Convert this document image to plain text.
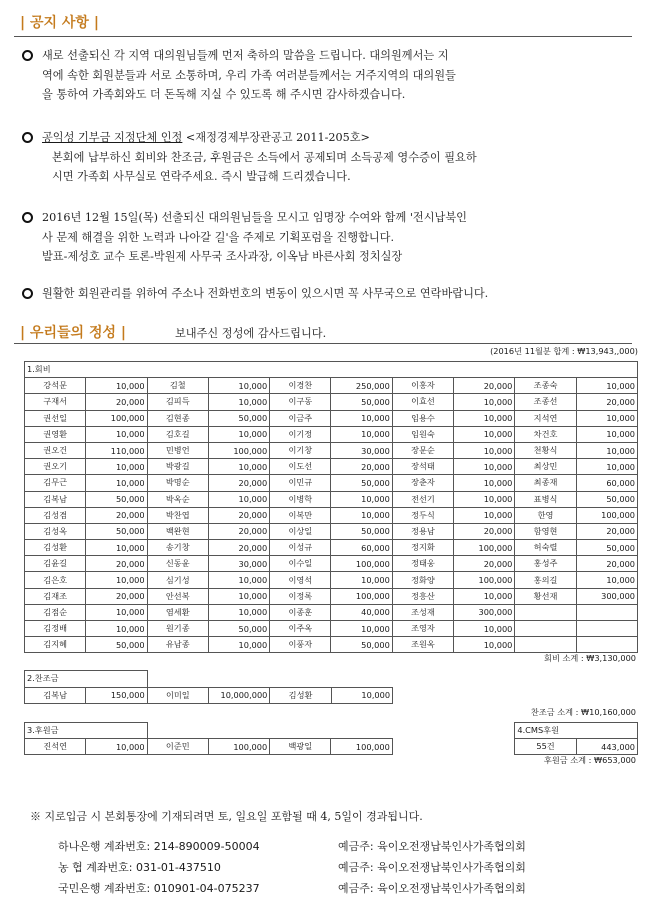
| 공지 사항 |
새로 선출되신 각 지역 대의원님들께 먼저 축하의 말씀을 드립니다. 대의원께서는 지
역에 속한 회원분들과 서로 소통하며, 우리 가족 여러분들께서는 거주지역의 대의원들
을 통하여 가족회와도 더 돈독해 지실 수 있도록 해 주시면 감사하겠습니다.
공익성 기부금 지정단체 인정 <재정경제부장관공고 2011-205호>
본회에 납부하신 회비와 찬조금, 후원금은 소득에서 공제되며 소득공제 영수증이 필요하
시면 가족회 사무실로 연락주세요. 즉시 발급해 드리겠습니다.
2016년 12월 15일(목) 선출되신 대의원님들을 모시고 임명장 수여와 함께 '전시납북인
사 문제 해결을 위한 노력과 나아갈 길'을 주제로 기획포럼을 진행합니다.
발표-제성호 교수 토론-박원제 사무국 조사과장, 이옥남 바른사회 정치실장
원활한 회원관리를 위하여 주소나 전화번호의 변동이 있으시면 꼭 사무국으로 연락바랍니다.
| 우리들의 정성 |	보내주신 정성에 감사드립니다.
(2016년 11월분 합계 : ₩13,943,,000)
1.회비									
강석문	10,000	김철	10,000	이경찬	250,000	이홍자	20,000	조종숙	10,000
구재서	20,000	김피득	10,000	이구동	50,000	이효선	10,000	조종선	20,000
권선일	100,000	김현종	50,000	이금주	10,000	임용수	10,000	지석연	10,000
권영환	10,000	김호길	10,000	이기정	10,000	임원숙	10,000	차건호	10,000
권오건	110,000	민병언	100,000	이기창	30,000	장문순	10,000	천황식	10,000
권오기	10,000	박광길	10,000	이도선	20,000	장석태	10,000	최상민	10,000
김무근	10,000	박명순	20,000	이민규	50,000	장춘자	10,000	최종재	60,000
김복남	50,000	박옥순	10,000	이병학	10,000	전선기	10,000	표병식	50,000
김성겸	20,000	박찬엽	20,000	이복만	10,000	정두식	10,000	한영	100,000
김성옥	50,000	백완현	20,000	이상일	50,000	정용남	20,000	함영현	20,000
김성환	10,000	송기창	20,000	이성규	60,000	정지화	100,000	허숙렬	50,000
김윤길	20,000	신동윤	30,000	이수일	100,000	정태웅	20,000	홍성주	20,000
김은호	10,000	심기성	10,000	이영석	10,000	정화양	100,000	홍의길	10,000
김재조	20,000	안선복	10,000	이정록	100,000	정흥산	10,000	황선재	300,000
김점순	10,000	염세환	10,000	이종훈	40,000	조성재	300,000		
김정배	10,000	원기종	50,000	이주옥	10,000	조영자	10,000		
김지혜	50,000	유남종	10,000	이풍자	50,000	조원옥	10,000		
회비 소계 : ₩3,130,000
2.찬조금						
김복남	150,000	이미일	10,000,000	김성환	10,000	
찬조금 소계 : ₩10,160,000
3.후원금							4.CMS후원	
진석연	10,000	이준민	100,000	백광일	100,000		55건	443,000
후원금 소계 : ₩653,000
※ 지로입금 시 본회통장에 기재되려면 토, 일요일 포함될 때 4, 5일이 경과됩니다.
하나은행 계좌번호: 214-890009-50004	예금주: 육이오전쟁납북인사가족협의회
농 협 계좌번호: 031-01-437510	예금주: 육이오전쟁납북인사가족협의회
국민은행 계좌번호: 010901-04-075237	예금주: 육이오전쟁납북인사가족협의회
